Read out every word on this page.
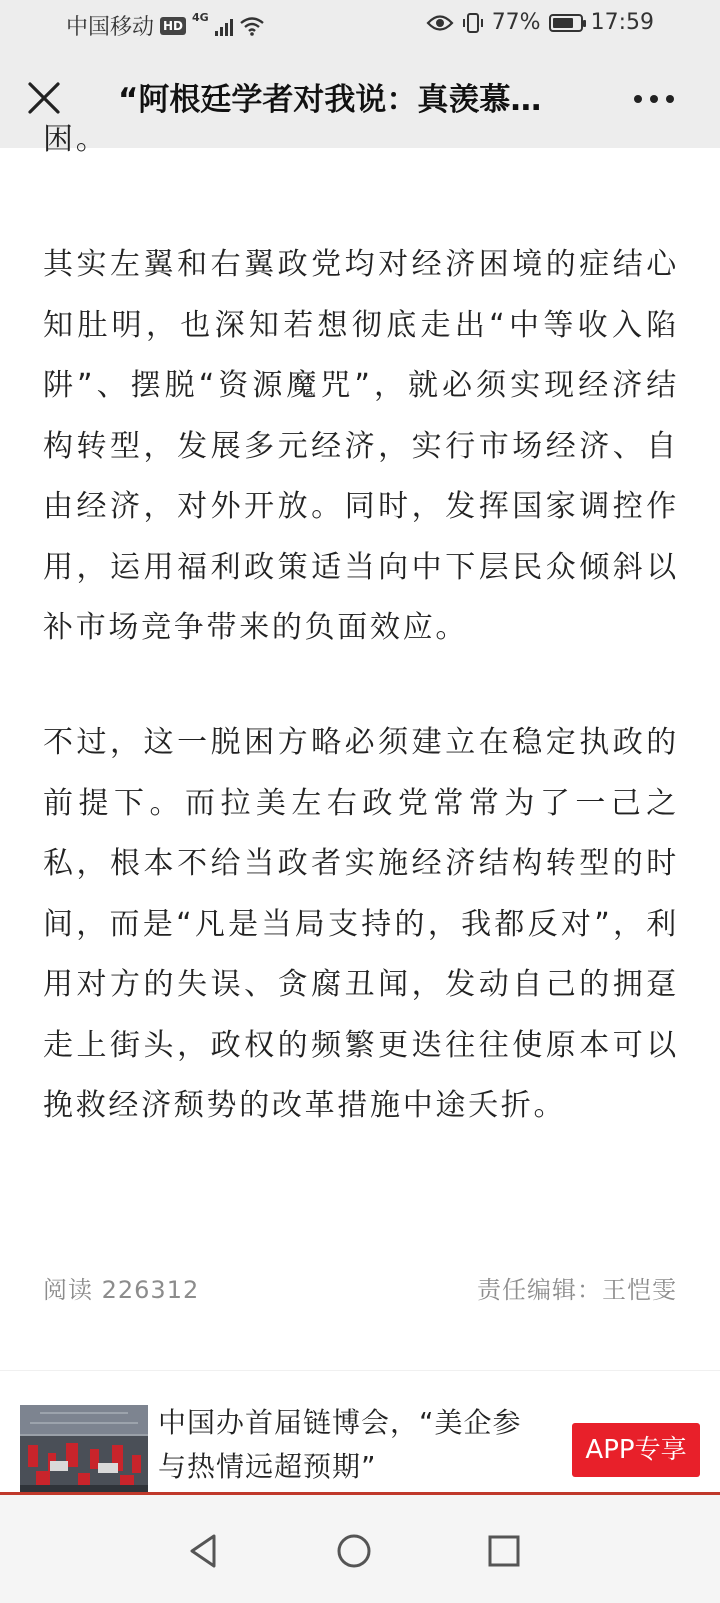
中国移动 HD
4G	77% 17:59
“阿根廷学者对我说：真羡慕…

困。

其实左翼和右翼政党均对经济困境的症结心知肚明，也深知若想彻底走出“中等收入陷阱”、摆脱“资源魔咒”，就必须实现经济结构转型，发展多元经济，实行市场经济、自由经济，对外开放。同时，发挥国家调控作用，运用福利政策适当向中下层民众倾斜以补市场竞争带来的负面效应。

不过，这一脱困方略必须建立在稳定执政的前提下。而拉美左右政党常常为了一己之私，根本不给当政者实施经济结构转型的时间，而是“凡是当局支持的，我都反对”，利用对方的失误、贪腐丑闻，发动自己的拥趸走上街头，政权的频繁更迭往往使原本可以挽救经济颓势的改革措施中途夭折。

阅读 226312	责任编辑：王恺雯
中国办首届链博会，“美企参与热情远超预期”	APP专享
